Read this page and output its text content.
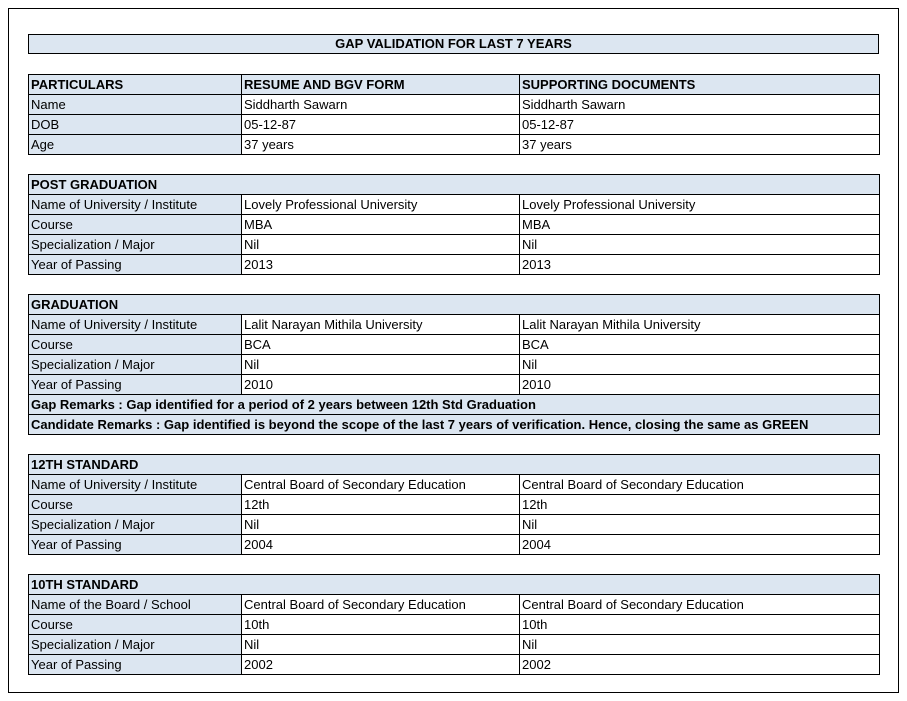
GAP VALIDATION FOR LAST 7 YEARS
PARTICULARS	RESUME AND BGV FORM	SUPPORTING DOCUMENTS
Name	Siddharth Sawarn	Siddharth Sawarn
DOB	05-12-87	05-12-87
Age	37 years	37 years
POST GRADUATION		
Name of University / Institute	Lovely Professional University	Lovely Professional University
Course	MBA	MBA
Specialization / Major	Nil	Nil
Year of Passing	2013	2013
GRADUATION		
Name of University / Institute	Lalit Narayan Mithila University	Lalit Narayan Mithila University
Course	BCA	BCA
Specialization / Major	Nil	Nil
Year of Passing	2010	2010
Gap Remarks : Gap identified for a period of 2 years between 12th Std Graduation		
Candidate Remarks : Gap identified is beyond the scope of the last 7 years of verification. Hence, closing the same as GREEN		
12TH STANDARD		
Name of University / Institute	Central Board of Secondary Education	Central Board of Secondary Education
Course	12th	12th
Specialization / Major	Nil	Nil
Year of Passing	2004	2004
10TH STANDARD		
Name of the Board / School	Central Board of Secondary Education	Central Board of Secondary Education
Course	10th	10th
Specialization / Major	Nil	Nil
Year of Passing	2002	2002
